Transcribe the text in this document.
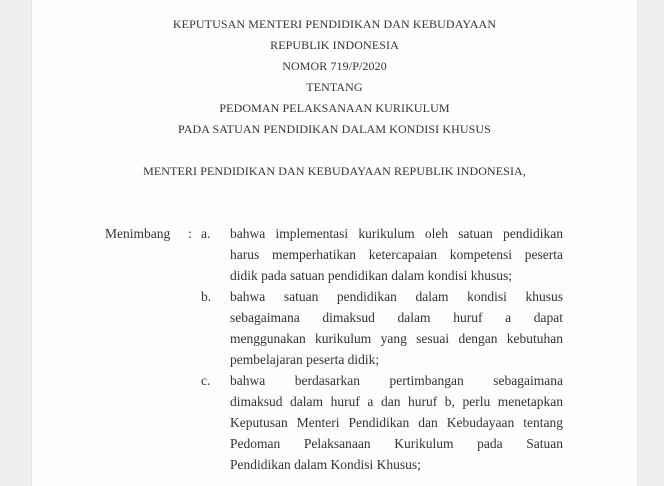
KEPUTUSAN MENTERI PENDIDIKAN DAN KEBUDAYAAN
REPUBLIK INDONESIA
NOMOR 719/P/2020
TENTANG
PEDOMAN PELAKSANAAN KURIKULUM
PADA SATUAN PENDIDIKAN DALAM KONDISI KHUSUS
MENTERI PENDIDIKAN DAN KEBUDAYAAN REPUBLIK INDONESIA,
Menimbang : a. bahwa implementasi kurikulum oleh satuan pendidikan
harus memperhatikan ketercapaian kompetensi peserta
didik pada satuan pendidikan dalam kondisi khusus;
b. bahwa satuan pendidikan dalam kondisi khusus
sebagaimana dimaksud dalam huruf a dapat
menggunakan kurikulum yang sesuai dengan kebutuhan
pembelajaran peserta didik;
c. bahwa berdasarkan pertimbangan sebagaimana
dimaksud dalam huruf a dan huruf b, perlu menetapkan
Keputusan Menteri Pendidikan dan Kebudayaan tentang
Pedoman Pelaksanaan Kurikulum pada Satuan
Pendidikan dalam Kondisi Khusus;
